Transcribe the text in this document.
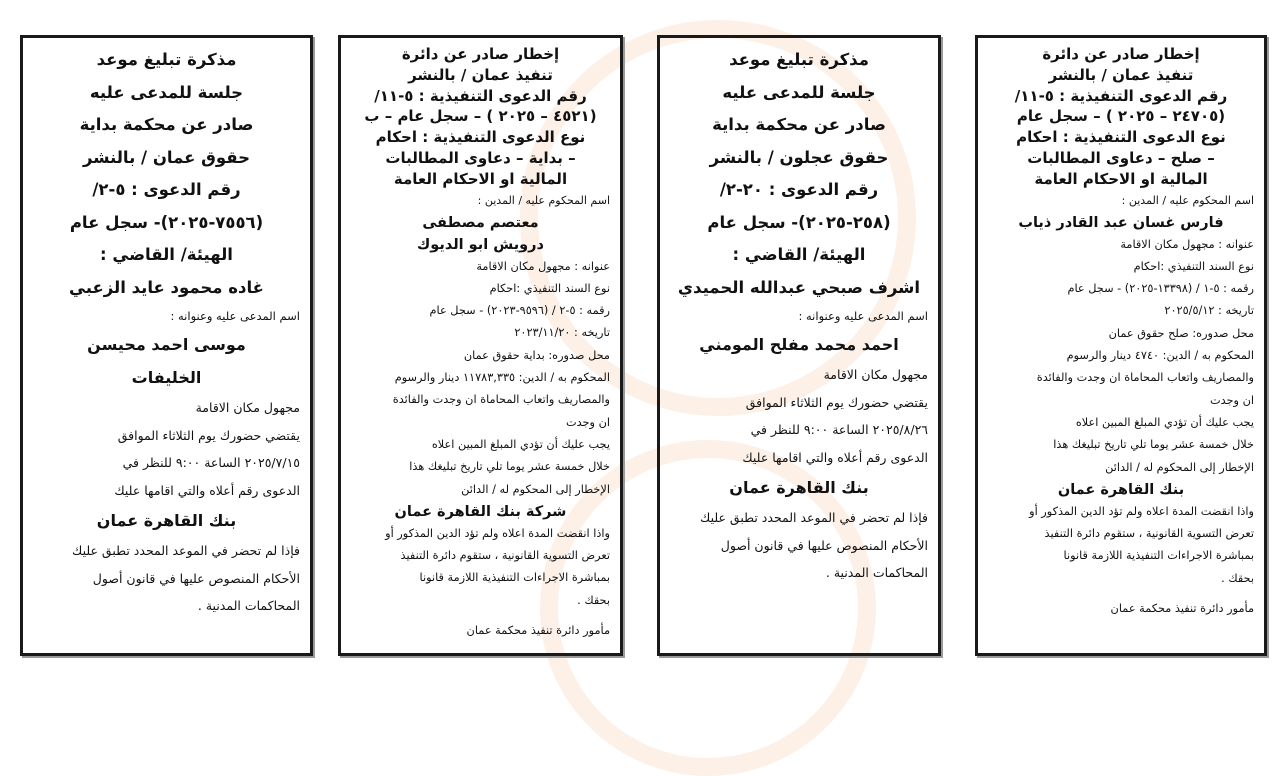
مذكرة تبليغ موعد
جلسة للمدعى عليه
صادر عن محكمة بداية
حقوق عمان / بالنشر
رقم الدعوى : ٥-٢/
(٧٥٥٦-٢٠٢٥)- سجل عام
الهيئة/ القاضي :
غاده محمود عايد الزعبي
اسم المدعى عليه وعنوانه :
موسى احمد محيسن
الخليفات
مجهول مكان الاقامة
يقتضي حضورك يوم الثلاثاء الموافق
٢٠٢٥/٧/١٥ الساعة ٩:٠٠ للنظر في
الدعوى رقم أعلاه والتي اقامها عليك
بنك القاهرة عمان
فإذا لم تحضر في الموعد المحدد تطبق عليك
الأحكام المنصوص عليها في قانون أصول
المحاكمات المدنية .
إخطار صادر عن دائرة
تنفيذ عمان / بالنشر
رقم الدعوى التنفيذية : ٥-١١/
(٤٥٢١ – ٢٠٢٥ ) – سجل عام – ب
نوع الدعوى التنفيذية : احكام
– بداية – دعاوى المطالبات
المالية او الاحكام العامة
اسم المحكوم عليه / المدين :
معتصم مصطفى
درويش ابو الديوك
عنوانه : مجهول مكان الاقامة
نوع السند التنفيذي :احكام
رقمه : ٥-٢ / (٩٥٩٦-٢٠٢٣) - سجل عام
تاريخه : ٢٠٢٣/١١/٢٠
محل صدوره: بداية حقوق عمان
المحكوم به / الدين: ١١٧٨٣,٣٣٥ دينار والرسوم
والمصاريف واتعاب المحاماة ان وجدت والفائدة
ان وجدت
يجب عليك أن تؤدي المبلغ المبين اعلاه
خلال خمسة عشر يوما تلي تاريخ تبليغك هذا
الإخطار إلى المحكوم له / الدائن
شركة بنك القاهرة عمان
واذا انقضت المدة اعلاه ولم تؤد الدين المذكور أو
تعرض التسوية القانونية ، ستقوم دائرة التنفيذ
بمباشرة الاجراءات التنفيذية اللازمة قانونا
بحقك .
مأمور دائرة تنفيذ محكمة عمان
مذكرة تبليغ موعد
جلسة للمدعى عليه
صادر عن محكمة بداية
حقوق عجلون / بالنشر
رقم الدعوى : ٢٠-٢/
(٢٥٨-٢٠٢٥)- سجل عام
الهيئة/ القاضي :
اشرف صبحي عبدالله الحميدي
اسم المدعى عليه وعنوانه :
احمد محمد مفلح المومني
مجهول مكان الاقامة
يقتضي حضورك يوم الثلاثاء الموافق
٢٠٢٥/٨/٢٦ الساعة ٩:٠٠ للنظر في
الدعوى رقم أعلاه والتي اقامها عليك
بنك القاهرة عمان
فإذا لم تحضر في الموعد المحدد تطبق عليك
الأحكام المنصوص عليها في قانون أصول
المحاكمات المدنية .
إخطار صادر عن دائرة
تنفيذ عمان / بالنشر
رقم الدعوى التنفيذية : ٥-١١/
(٢٤٧٠٥ – ٢٠٢٥ ) – سجل عام
نوع الدعوى التنفيذية : احكام
– صلح – دعاوى المطالبات
المالية او الاحكام العامة
اسم المحكوم عليه / المدين :
فارس غسان عبد القادر ذياب
عنوانه : مجهول مكان الاقامة
نوع السند التنفيذي :احكام
رقمه : ٥-١ / (١٣٣٩٨-٢٠٢٥) - سجل عام
تاريخه : ٢٠٢٥/٥/١٢
محل صدوره: صلح حقوق عمان
المحكوم به / الدين: ٤٧٤٠ دينار والرسوم
والمصاريف واتعاب المحاماة ان وجدت والفائدة
ان وجدت
يجب عليك أن تؤدي المبلغ المبين اعلاه
خلال خمسة عشر يوما تلي تاريخ تبليغك هذا
الإخطار إلى المحكوم له / الدائن
بنك القاهرة عمان
واذا انقضت المدة اعلاه ولم تؤد الدين المذكور أو
تعرض التسوية القانونية ، ستقوم دائرة التنفيذ
بمباشرة الاجراءات التنفيذية اللازمة قانونا
بحقك .
مأمور دائرة تنفيذ محكمة عمان
